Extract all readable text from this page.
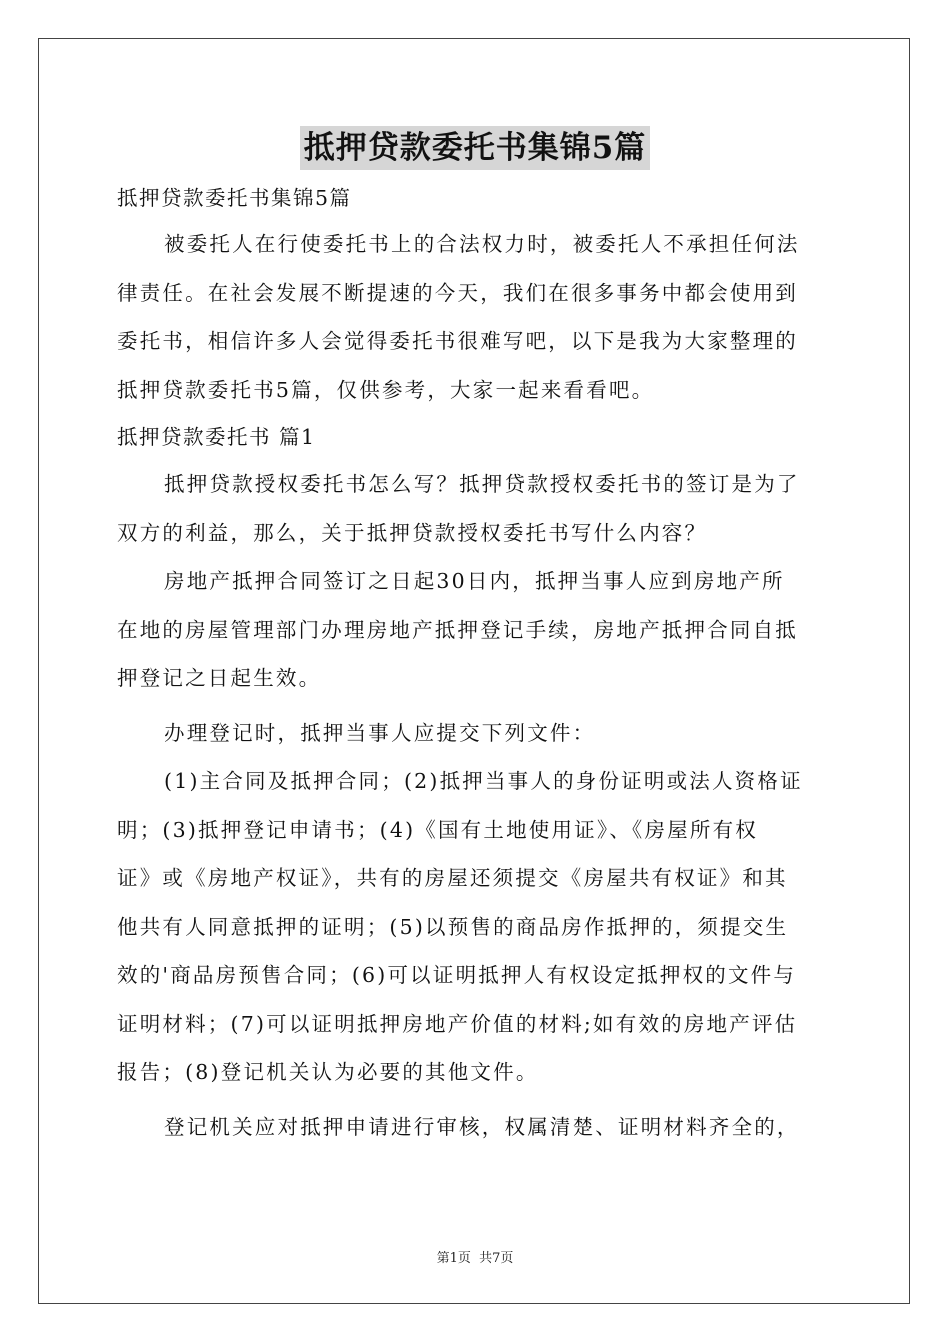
抵押贷款委托书集锦5篇
抵押贷款委托书集锦5篇
被委托人在行使委托书上的合法权力时，被委托人不承担任何法
律责任。在社会发展不断提速的今天，我们在很多事务中都会使用到
委托书，相信许多人会觉得委托书很难写吧，以下是我为大家整理的
抵押贷款委托书5篇，仅供参考，大家一起来看看吧。
抵押贷款委托书 篇1
抵押贷款授权委托书怎么写？抵押贷款授权委托书的签订是为了
双方的利益，那么，关于抵押贷款授权委托书写什么内容？
房地产抵押合同签订之日起30日内，抵押当事人应到房地产所
在地的房屋管理部门办理房地产抵押登记手续，房地产抵押合同自抵
押登记之日起生效。
办理登记时，抵押当事人应提交下列文件：
(1)主合同及抵押合同；(2)抵押当事人的身份证明或法人资格证
明；(3)抵押登记申请书；(4)《国有土地使用证》、《房屋所有权
证》或《房地产权证》，共有的房屋还须提交《房屋共有权证》和其
他共有人同意抵押的证明；(5)以预售的商品房作抵押的，须提交生
效的'商品房预售合同；(6)可以证明抵押人有权设定抵押权的文件与
证明材料；(7)可以证明抵押房地产价值的材料;如有效的房地产评估
报告；(8)登记机关认为必要的其他文件。
登记机关应对抵押申请进行审核，权属清楚、证明材料齐全的，
第1页 共7页
